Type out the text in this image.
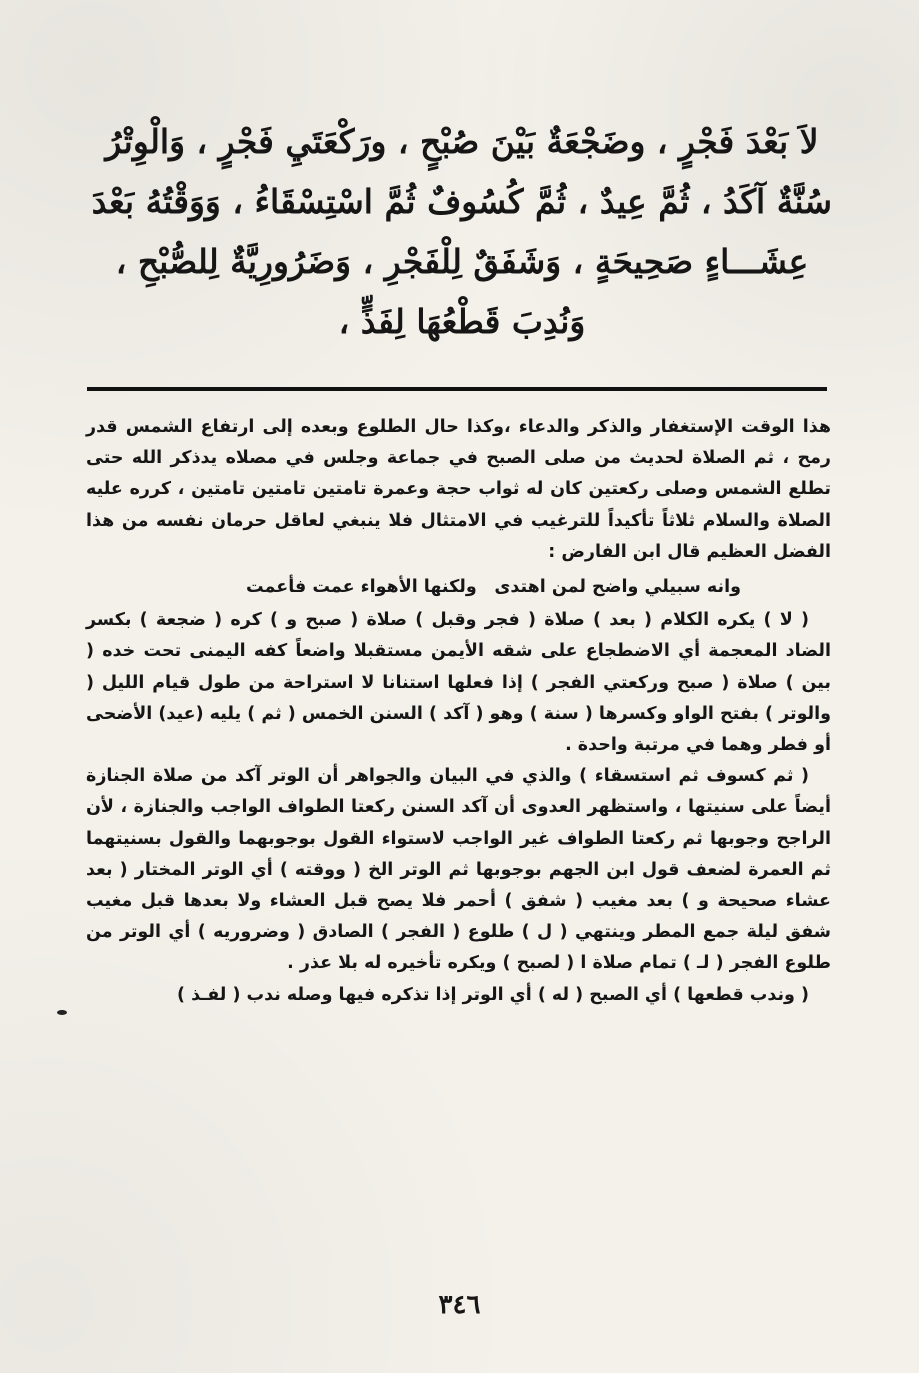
لاَ بَعْدَ فَجْرٍ ، وضَجْعَةٌ بَيْنَ صُبْحٍ ، ورَكْعَتَيِ فَجْرٍ ، وَالْوِتْرُ
سُنَّةٌ آكَدُ ، ثُمَّ عِيدٌ ، ثُمَّ كُسُوفٌ ثُمَّ اسْتِسْقَاءُ ، وَوَقْتُهُ بَعْدَ
عِشَـــاءٍ صَحِيحَةٍ ، وَشَفَقٌ لِلْفَجْرِ ، وَضَرُورِيَّةٌ لِلصُّبْحِ ،
وَنُدِبَ قَطْعُهَا لِفَذٍّ ،

هذا الوقت الإستغفار والذكر والدعاء ،وكذا حال الطلوع وبعده إلى ارتفاع الشمس قدر رمح ، ثم الصلاة لحديث من صلى الصبح في جماعة وجلس في مصلاه يدذكر الله حتى تطلع الشمس وصلى ركعتين كان له ثواب حجة وعمرة تامتين تامتين تامتين ، كرره عليه الصلاة والسلام ثلاثاً تأكيداً للترغيب في الامتثال فلا ينبغي لعاقل حرمان نفسه من هذا الفضل العظيم قال ابن الفارض :

وانه سبيلي واضح لمن اهتدى
ولكنها الأهواء عمت فأعمت

( لا ) يكره الكلام ( بعد ) صلاة ( فجر وقبل ) صلاة ( صبح و ) كره ( ضجعة ) بكسر الضاد المعجمة أي الاضطجاع على شقه الأيمن مستقبلا واضعاً كفه اليمنى تحت خده ( بين ) صلاة ( صبح وركعتي الفجر ) إذا فعلها استنانا لا استراحة من طول قيام الليل ( والوتر ) بفتح الواو وكسرها ( سنة ) وهو ( آكد ) السنن الخمس ( ثم ) يليه (عيد) الأضحى أو فطر وهما في مرتبة واحدة .

( ثم كسوف ثم استسقاء ) والذي في البيان والجواهر أن الوتر آكد من صلاة الجنازة أيضاً على سنيتها ، واستظهر العدوى أن آكد السنن ركعتا الطواف الواجب والجنازة ، لأن الراجح وجوبها ثم ركعتا الطواف غير الواجب لاستواء القول بوجوبهما والقول بسنيتهما ثم العمرة لضعف قول ابن الجهم بوجوبها ثم الوتر الخ ( ووقته ) أي الوتر المختار ( بعد عشاء صحيحة و ) بعد مغيب ( شفق ) أحمر فلا يصح قبل العشاء ولا بعدها قبل مغيب شفق ليلة جمع المطر وينتهي ( ل ) طلوع ( الفجر ) الصادق ( وضروريه ) أي الوتر من طلوع الفجر ( لـ ) تمام صلاة ا ( لصبح ) ويكره تأخيره له بلا عذر .

( وندب قطعها ) أي الصبح ( له ) أي الوتر إذا تذكره فيها وصله ندب ( لفـذ )

٣٤٦
